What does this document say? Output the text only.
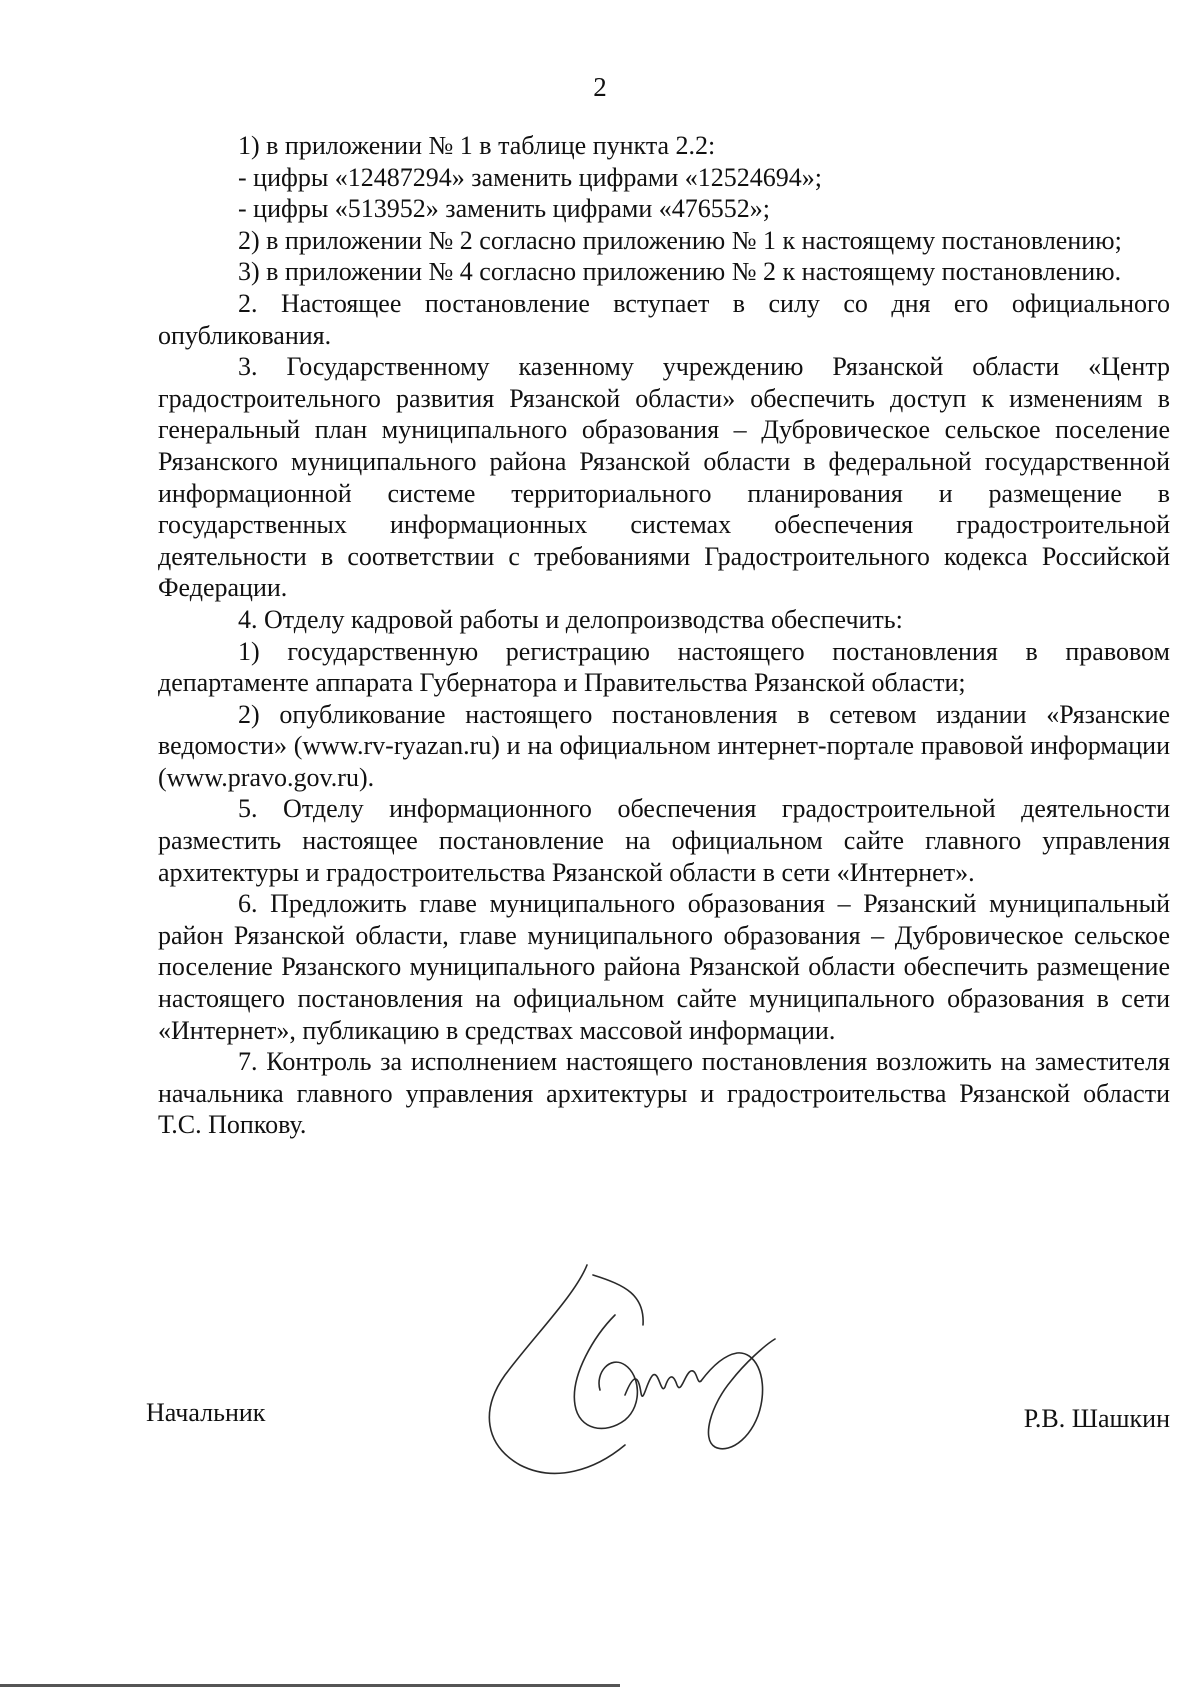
2

1) в приложении № 1 в таблице пункта 2.2:

- цифры «12487294» заменить цифрами «12524694»;

- цифры «513952» заменить цифрами «476552»;

2) в приложении № 2 согласно приложению № 1 к настоящему постановлению;

3) в приложении № 4 согласно приложению № 2 к настоящему постановлению.

2. Настоящее постановление вступает в силу со дня его официального опубликования.

3. Государственному казенному учреждению Рязанской области «Центр градостроительного развития Рязанской области» обеспечить доступ к изменениям в генеральный план муниципального образования – Дубровическое сельское поселение Рязанского муниципального района Рязанской области в федеральной государственной информационной системе территориального планирования и размещение в государственных информационных системах обеспечения градостроительной деятельности в соответствии с требованиями Градостроительного кодекса Российской Федерации.

4. Отделу кадровой работы и делопроизводства обеспечить:

1) государственную регистрацию настоящего постановления в правовом департаменте аппарата Губернатора и Правительства Рязанской области;

2) опубликование настоящего постановления в сетевом издании «Рязанские ведомости» (www.rv-ryazan.ru) и на официальном интернет-портале правовой информации (www.pravo.gov.ru).

5. Отделу информационного обеспечения градостроительной деятельности разместить настоящее постановление на официальном сайте главного управления архитектуры и градостроительства Рязанской области в сети «Интернет».

6. Предложить главе муниципального образования – Рязанский муниципальный район Рязанской области, главе муниципального образования – Дубровическое сельское поселение Рязанского муниципального района Рязанской области обеспечить размещение настоящего постановления на официальном сайте муниципального образования в сети «Интернет», публикацию в средствах массовой информации.

7. Контроль за исполнением настоящего постановления возложить на заместителя начальника главного управления архитектуры и градостроительства Рязанской области Т.С. Попкову.

Начальник	Р.В. Шашкин
